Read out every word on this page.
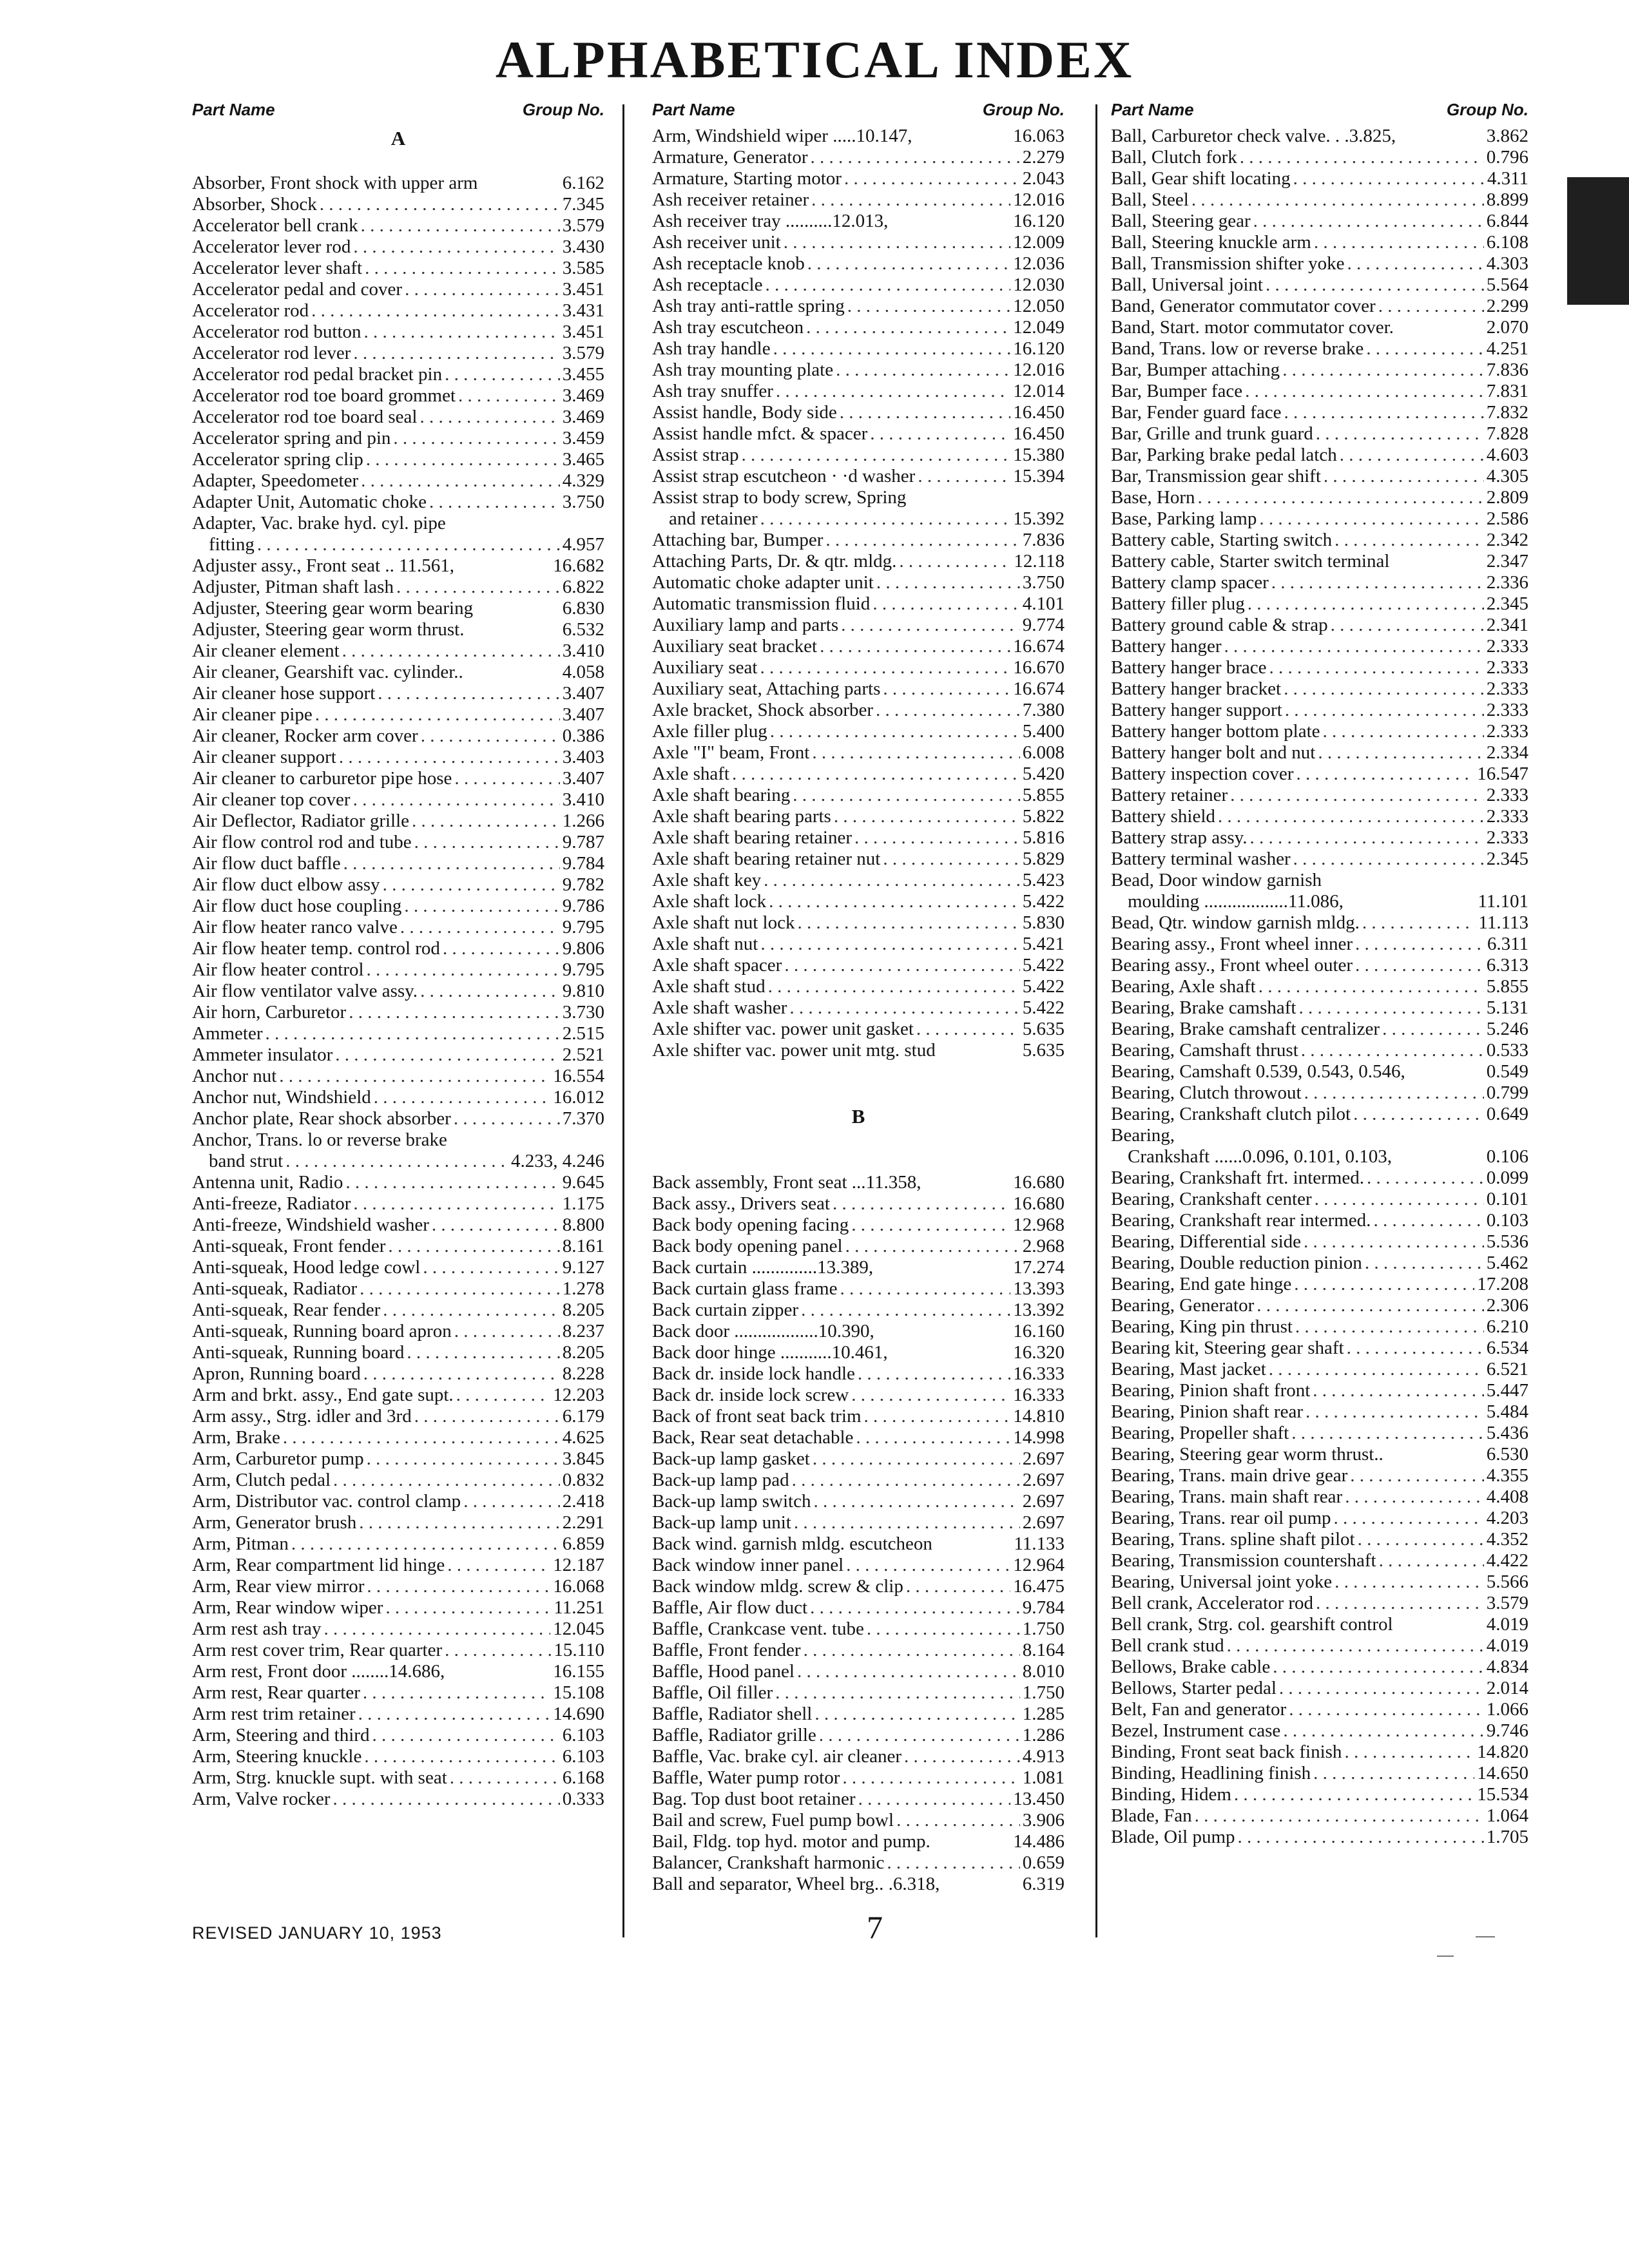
ALPHABETICAL INDEX
Part Name	Group No.
A
Absorber, Front shock with upper arm	6.162
Absorber, Shock . . .	7.345
Accelerator bell crank . . .	3.579
Accelerator lever rod . . .	3.430
Accelerator lever shaft . . .	3.585
Accelerator pedal and cover . . .	3.451
Accelerator rod . . .	3.431
Accelerator rod button . . .	3.451
Accelerator rod lever . . .	3.579
Accelerator rod pedal bracket pin . . .	3.455
Accelerator rod toe board grommet . . .	3.469
Accelerator rod toe board seal . . .	3.469
Accelerator spring and pin . . .	3.459
Accelerator spring clip . . .	3.465
Adapter, Speedometer . . .	4.329
Adapter Unit, Automatic choke . . .	3.750
Adapter, Vac. brake hyd. cyl. pipe
fitting . . .	4.957
Adjuster assy., Front seat .. 11.561,	16.682
Adjuster, Pitman shaft lash . . .	6.822
Adjuster, Steering gear worm bearing	6.830
Adjuster, Steering gear worm thrust.	6.532
Air cleaner element . . .	3.410
Air cleaner, Gearshift vac. cylinder..	4.058
Air cleaner hose support . . .	3.407
Air cleaner pipe . . .	3.407
Air cleaner, Rocker arm cover . . .	0.386
Air cleaner support . . .	3.403
Air cleaner to carburetor pipe hose . . .	3.407
Air cleaner top cover . . .	3.410
Air Deflector, Radiator grille . . .	1.266
Air flow control rod and tube . . .	9.787
Air flow duct baffle . . .	9.784
Air flow duct elbow assy . . .	9.782
Air flow duct hose coupling . . .	9.786
Air flow heater ranco valve . . .	9.795
Air flow heater temp. control rod . . .	9.806
Air flow heater control . . .	9.795
Air flow ventilator valve assy. . . .	9.810
Air horn, Carburetor . . .	3.730
Ammeter . . .	2.515
Ammeter insulator . . .	2.521
Anchor nut . . .	16.554
Anchor nut, Windshield . . .	16.012
Anchor plate, Rear shock absorber . . .	7.370
Anchor, Trans. lo or reverse brake
band strut . . .	4.233, 4.246
Antenna unit, Radio . . .	9.645
Anti-freeze, Radiator . . .	1.175
Anti-freeze, Windshield washer . . .	8.800
Anti-squeak, Front fender . . .	8.161
Anti-squeak, Hood ledge cowl . . .	9.127
Anti-squeak, Radiator . . .	1.278
Anti-squeak, Rear fender . . .	8.205
Anti-squeak, Running board apron . . .	8.237
Anti-squeak, Running board . . .	8.205
Apron, Running board . . .	8.228
Arm and brkt. assy., End gate supt. . . .	12.203
Arm assy., Strg. idler and 3rd . . .	6.179
Arm, Brake . . .	4.625
Arm, Carburetor pump . . .	3.845
Arm, Clutch pedal . . .	0.832
Arm, Distributor vac. control clamp . . .	2.418
Arm, Generator brush . . .	2.291
Arm, Pitman . . .	6.859
Arm, Rear compartment lid hinge . . .	12.187
Arm, Rear view mirror . . .	16.068
Arm, Rear window wiper . . .	11.251
Arm rest ash tray . . .	12.045
Arm rest cover trim, Rear quarter . . .	15.110
Arm rest, Front door ........14.686,	16.155
Arm rest, Rear quarter . . .	15.108
Arm rest trim retainer . . .	14.690
Arm, Steering and third . . .	6.103
Arm, Steering knuckle . . .	6.103
Arm, Strg. knuckle supt. with seat . . .	6.168
Arm, Valve rocker . . .	0.333
Part Name	Group No.
Arm, Windshield wiper .....10.147,	16.063
Armature, Generator . . .	2.279
Armature, Starting motor . . .	2.043
Ash receiver retainer . . .	12.016
Ash receiver tray ..........12.013,	16.120
Ash receiver unit . . .	12.009
Ash receptacle knob . . .	12.036
Ash receptacle . . .	12.030
Ash tray anti-rattle spring . . .	12.050
Ash tray escutcheon . . .	12.049
Ash tray handle . . .	16.120
Ash tray mounting plate . . .	12.016
Ash tray snuffer . . .	12.014
Assist handle, Body side . . .	16.450
Assist handle mfct. & spacer . . .	16.450
Assist strap . . .	15.380
Assist strap escutcheon · ·d washer . . .	15.394
Assist strap to body screw, Spring
and retainer . . .	15.392
Attaching bar, Bumper . . .	7.836
Attaching Parts, Dr. & qtr. mldg. . . .	12.118
Automatic choke adapter unit . . .	3.750
Automatic transmission fluid . . .	4.101
Auxiliary lamp and parts . . .	9.774
Auxiliary seat bracket . . .	16.674
Auxiliary seat . . .	16.670
Auxiliary seat, Attaching parts . . .	16.674
Axle bracket, Shock absorber . . .	7.380
Axle filler plug . . .	5.400
Axle "I" beam, Front . . .	6.008
Axle shaft . . .	5.420
Axle shaft bearing . . .	5.855
Axle shaft bearing parts . . .	5.822
Axle shaft bearing retainer . . .	5.816
Axle shaft bearing retainer nut . . .	5.829
Axle shaft key . . .	5.423
Axle shaft lock . . .	5.422
Axle shaft nut lock . . .	5.830
Axle shaft nut . . .	5.421
Axle shaft spacer . . .	5.422
Axle shaft stud . . .	5.422
Axle shaft washer . . .	5.422
Axle shifter vac. power unit gasket . . .	5.635
Axle shifter vac. power unit mtg. stud	5.635
B
Back assembly, Front seat ...11.358,	16.680
Back assy., Drivers seat . . .	16.680
Back body opening facing . . .	12.968
Back body opening panel . . .	2.968
Back curtain ..............13.389,	17.274
Back curtain glass frame . . .	13.393
Back curtain zipper . . .	13.392
Back door ..................10.390,	16.160
Back door hinge ...........10.461,	16.320
Back dr. inside lock handle . . .	16.333
Back dr. inside lock screw . . .	16.333
Back of front seat back trim . . .	14.810
Back, Rear seat detachable . . .	14.998
Back-up lamp gasket . . .	2.697
Back-up lamp pad . . .	2.697
Back-up lamp switch . . .	2.697
Back-up lamp unit . . .	2.697
Back wind. garnish mldg. escutcheon	11.133
Back window inner panel . . .	12.964
Back window mldg. screw & clip . . .	16.475
Baffle, Air flow duct . . .	9.784
Baffle, Crankcase vent. tube . . .	1.750
Baffle, Front fender . . .	8.164
Baffle, Hood panel . . .	8.010
Baffle, Oil filler . . .	1.750
Baffle, Radiator shell . . .	1.285
Baffle, Radiator grille . . .	1.286
Baffle, Vac. brake cyl. air cleaner . . .	4.913
Baffle, Water pump rotor . . .	1.081
Bag. Top dust boot retainer . . .	13.450
Bail and screw, Fuel pump bowl . . .	3.906
Bail, Fldg. top hyd. motor and pump.	14.486
Balancer, Crankshaft harmonic . . .	0.659
Ball and separator, Wheel brg.. .6.318,	6.319
Part Name	Group No.
Ball, Carburetor check valve. . .3.825,	3.862
Ball, Clutch fork . . .	0.796
Ball, Gear shift locating . . .	4.311
Ball, Steel . . .	8.899
Ball, Steering gear . . .	6.844
Ball, Steering knuckle arm . . .	6.108
Ball, Transmission shifter yoke . . .	4.303
Ball, Universal joint . . .	5.564
Band, Generator commutator cover . . .	2.299
Band, Start. motor commutator cover.	2.070
Band, Trans. low or reverse brake . . .	4.251
Bar, Bumper attaching . . .	7.836
Bar, Bumper face . . .	7.831
Bar, Fender guard face . . .	7.832
Bar, Grille and trunk guard . . .	7.828
Bar, Parking brake pedal latch . . .	4.603
Bar, Transmission gear shift . . .	4.305
Base, Horn . . .	2.809
Base, Parking lamp . . .	2.586
Battery cable, Starting switch . . .	2.342
Battery cable, Starter switch terminal	2.347
Battery clamp spacer . . .	2.336
Battery filler plug . . .	2.345
Battery ground cable & strap . . .	2.341
Battery hanger . . .	2.333
Battery hanger brace . . .	2.333
Battery hanger bracket . . .	2.333
Battery hanger support . . .	2.333
Battery hanger bottom plate . . .	2.333
Battery hanger bolt and nut . . .	2.334
Battery inspection cover . . .	16.547
Battery retainer . . .	2.333
Battery shield . . .	2.333
Battery strap assy. . . .	2.333
Battery terminal washer . . .	2.345
Bead, Door window garnish
moulding ..................11.086,	11.101
Bead, Qtr. window garnish mldg. . . .	11.113
Bearing assy., Front wheel inner . . .	6.311
Bearing assy., Front wheel outer . . .	6.313
Bearing, Axle shaft . . .	5.855
Bearing, Brake camshaft . . .	5.131
Bearing, Brake camshaft centralizer . . .	5.246
Bearing, Camshaft thrust . . .	0.533
Bearing, Camshaft 0.539, 0.543, 0.546,	0.549
Bearing, Clutch throwout . . .	0.799
Bearing, Crankshaft clutch pilot . . .	0.649
Bearing,
Crankshaft ......0.096, 0.101, 0.103,	0.106
Bearing, Crankshaft frt. intermed. . . .	0.099
Bearing, Crankshaft center . . .	0.101
Bearing, Crankshaft rear intermed. . . .	0.103
Bearing, Differential side . . .	5.536
Bearing, Double reduction pinion . . .	5.462
Bearing, End gate hinge . . .	17.208
Bearing, Generator . . .	2.306
Bearing, King pin thrust . . .	6.210
Bearing kit, Steering gear shaft . . .	6.534
Bearing, Mast jacket . . .	6.521
Bearing, Pinion shaft front . . .	5.447
Bearing, Pinion shaft rear . . .	5.484
Bearing, Propeller shaft . . .	5.436
Bearing, Steering gear worm thrust..	6.530
Bearing, Trans. main drive gear . . .	4.355
Bearing, Trans. main shaft rear . . .	4.408
Bearing, Trans. rear oil pump . . .	4.203
Bearing, Trans. spline shaft pilot . . .	4.352
Bearing, Transmission countershaft . . .	4.422
Bearing, Universal joint yoke . . .	5.566
Bell crank, Accelerator rod . . .	3.579
Bell crank, Strg. col. gearshift control	4.019
Bell crank stud . . .	4.019
Bellows, Brake cable . . .	4.834
Bellows, Starter pedal . . .	2.014
Belt, Fan and generator . . .	1.066
Bezel, Instrument case . . .	9.746
Binding, Front seat back finish . . .	14.820
Binding, Headlining finish . . .	14.650
Binding, Hidem . . .	15.534
Blade, Fan . . .	1.064
Blade, Oil pump . . .	1.705
REVISED JANUARY 10, 1953	7
